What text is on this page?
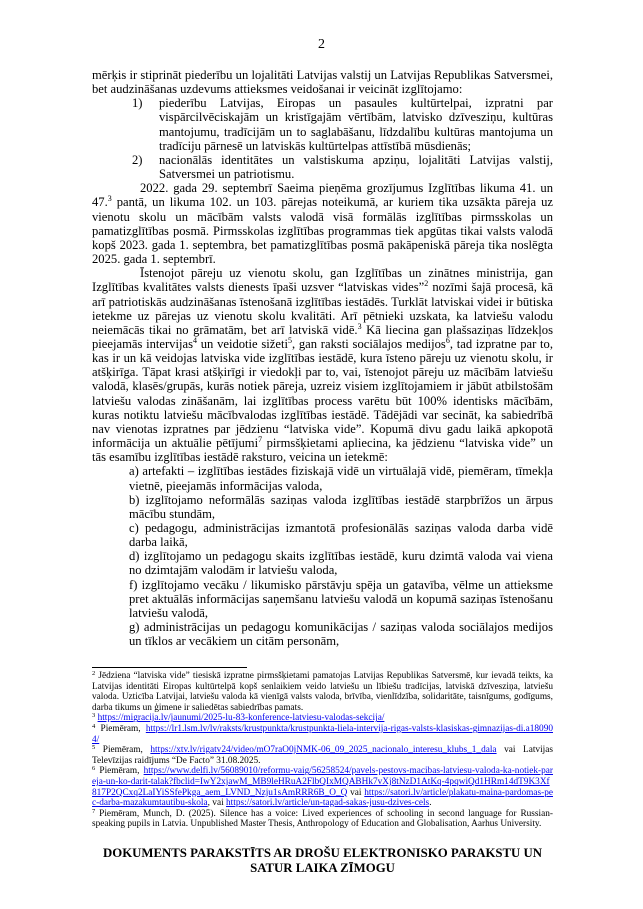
2

mērķis ir stiprināt piederību un lojalitāti Latvijas valstij un Latvijas Republikas Satversmei, bet audzināšanas uzdevums attieksmes veidošanai ir veicināt izglītojamo:

1) piederību Latvijas, Eiropas un pasaules kultūrtelpai, izpratni par vispārcilvēciskajām un kristīgajām vērtībām, latvisko dzīvesziņu, kultūras mantojumu, tradīcijām un to saglabāšanu, līdzdalību kultūras mantojuma un tradīciju pārnesē un latviskās kultūrtelpas attīstībā mūsdienās;
2) nacionālās identitātes un valstiskuma apziņu, lojalitāti Latvijas valstij, Satversmei un patriotismu.

2022. gada 29. septembrī Saeima pieņēma grozījumus Izglītības likuma 41. un 47.$^3$ pantā, un likuma 102. un 103. pārejas noteikumā, ar kuriem tika uzsākta pāreja uz vienotu skolu un mācībām valsts valodā visā formālās izglītības pirmsskolas un pamatizglītības posmā. Pirmsskolas izglītības programmas tiek apgūtas tikai valsts valodā kopš 2023. gada 1. septembra, bet pamatizglītības posmā pakāpeniskā pāreja tika noslēgta 2025. gada 1. septembrī.

Īstenojot pāreju uz vienotu skolu, gan Izglītības un zinātnes ministrija, gan Izglītības kvalitātes valsts dienests īpaši uzsver “latviskas vides”$^2$ nozīmi šajā procesā, kā arī patriotiskās audzināšanas īstenošanā izglītības iestādēs. Turklāt latviskai videi ir būtiska ietekme uz pārejas uz vienotu skolu kvalitāti. Arī pētnieki uzskata, ka latviešu valodu neiemācās tikai no grāmatām, bet arī latviskā vidē.$^3$ Kā liecina gan plašsaziņas līdzekļos pieejamās intervijas$^4$ un veidotie sižeti$^5$, gan raksti sociālajos medijos$^6$, tad izpratne par to, kas ir un kā veidojas latviska vide izglītības iestādē, kura īsteno pāreju uz vienotu skolu, ir atšķirīga. Tāpat krasi atšķirīgi ir viedokļi par to, vai, īstenojot pāreju uz mācībām latviešu valodā, klasēs/grupās, kurās notiek pāreja, uzreiz visiem izglītojamiem ir jābūt atbilstošām latviešu valodas zināšanām, lai izglītības process varētu būt 100% identisks mācībām, kuras notiktu latviešu mācībvalodas izglītības iestādē. Tādējādi var secināt, ka sabiedrībā nav vienotas izpratnes par jēdzienu “latviska vide”. Kopumā divu gadu laikā apkopotā informācija un aktuālie pētījumi$^7$ pirmsšķietami apliecina, ka jēdzienu “latviska vide” un tās esamību izglītības iestādē raksturo, veicina un ietekmē:

a) artefakti – izglītības iestādes fiziskajā vidē un virtuālajā vidē, piemēram, tīmekļa vietnē, pieejamās informācijas valoda,

b) izglītojamo neformālās saziņas valoda izglītības iestādē starpbrīžos un ārpus mācību stundām,

c) pedagogu, administrācijas izmantotā profesionālās saziņas valoda darba vidē darba laikā,

d) izglītojamo un pedagogu skaits izglītības iestādē, kuru dzimtā valoda vai viena no dzimtajām valodām ir latviešu valoda,

f) izglītojamo vecāku / likumisko pārstāvju spēja un gatavība, vēlme un attieksme pret aktuālās informācijas saņemšanu latviešu valodā un kopumā saziņas īstenošanu latviešu valodā,

g) administrācijas un pedagogu komunikācijas / saziņas valoda sociālajos medijos un tīklos ar vecākiem un citām personām,

$^2$ Jēdziena “latviska vide” tiesiskā izpratne pirmsšķietami pamatojas Latvijas Republikas Satversmē, kur ievadā teikts, ka Latvijas identitāti Eiropas kultūrtelpā kopš senlaikiem veido latviešu un lībiešu tradīcijas, latviskā dzīvesziņa, latviešu valoda. Uzticība Latvijai, latviešu valoda kā vienīgā valsts valoda, brīvība, vienlīdzība, solidaritāte, taisnīgums, godīgums, darba tikums un ģimene ir saliedētas sabiedrības pamats.

$^3$ https://migracija.lv/jaunumi/2025-lu-83-konference-latviesu-valodas-sekcija/

$^4$ Piemēram, https://lr1.lsm.lv/lv/raksts/krustpunkta/krustpunkta-liela-intervija-rigas-valsts-klasiskas-gimnazijas-di.a180904/

$^5$ Piemēram, https://xtv.lv/rigatv24/video/mO7raO0jNMK-06_09_2025_nacionalo_interesu_klubs_1_dala vai Latvijas Televīzijas raidījums “De Facto” 31.08.2025.

$^6$ Piemēram, https://www.delfi.lv/56089010/reformu-vaig/56258524/pavels-pestovs-macibas-latviesu-valoda-ka-notiek-pareja-un-ko-darit-talak?fbclid=IwY2xjawM_MB9leHRuA2FlbQIxMQABHk7vXj8tNzD1AtKq-4pqwiQd1HRm14dT9K3Xf817P2QCxq2LaIYiSSfePkga_aem_LVND_Nzju1sAmRRR6B_O_Q vai https://satori.lv/article/plakatu-maina-pardomas-pec-darba-mazakumtautibu-skola, vai https://satori.lv/article/un-tagad-sakas-jusu-dzives-cels.

$^7$ Piemēram, Munch, D. (2025). Silence has a voice: Lived experiences of schooling in second language for Russian-speaking pupils in Latvia. Unpublished Master Thesis, Anthropology of Education and Globalisation, Aarhus University.

DOKUMENTS PARAKSTĪTS AR DROŠU ELEKTRONISKO PARAKSTU UN
SATUR LAIKA ZĪMOGU
